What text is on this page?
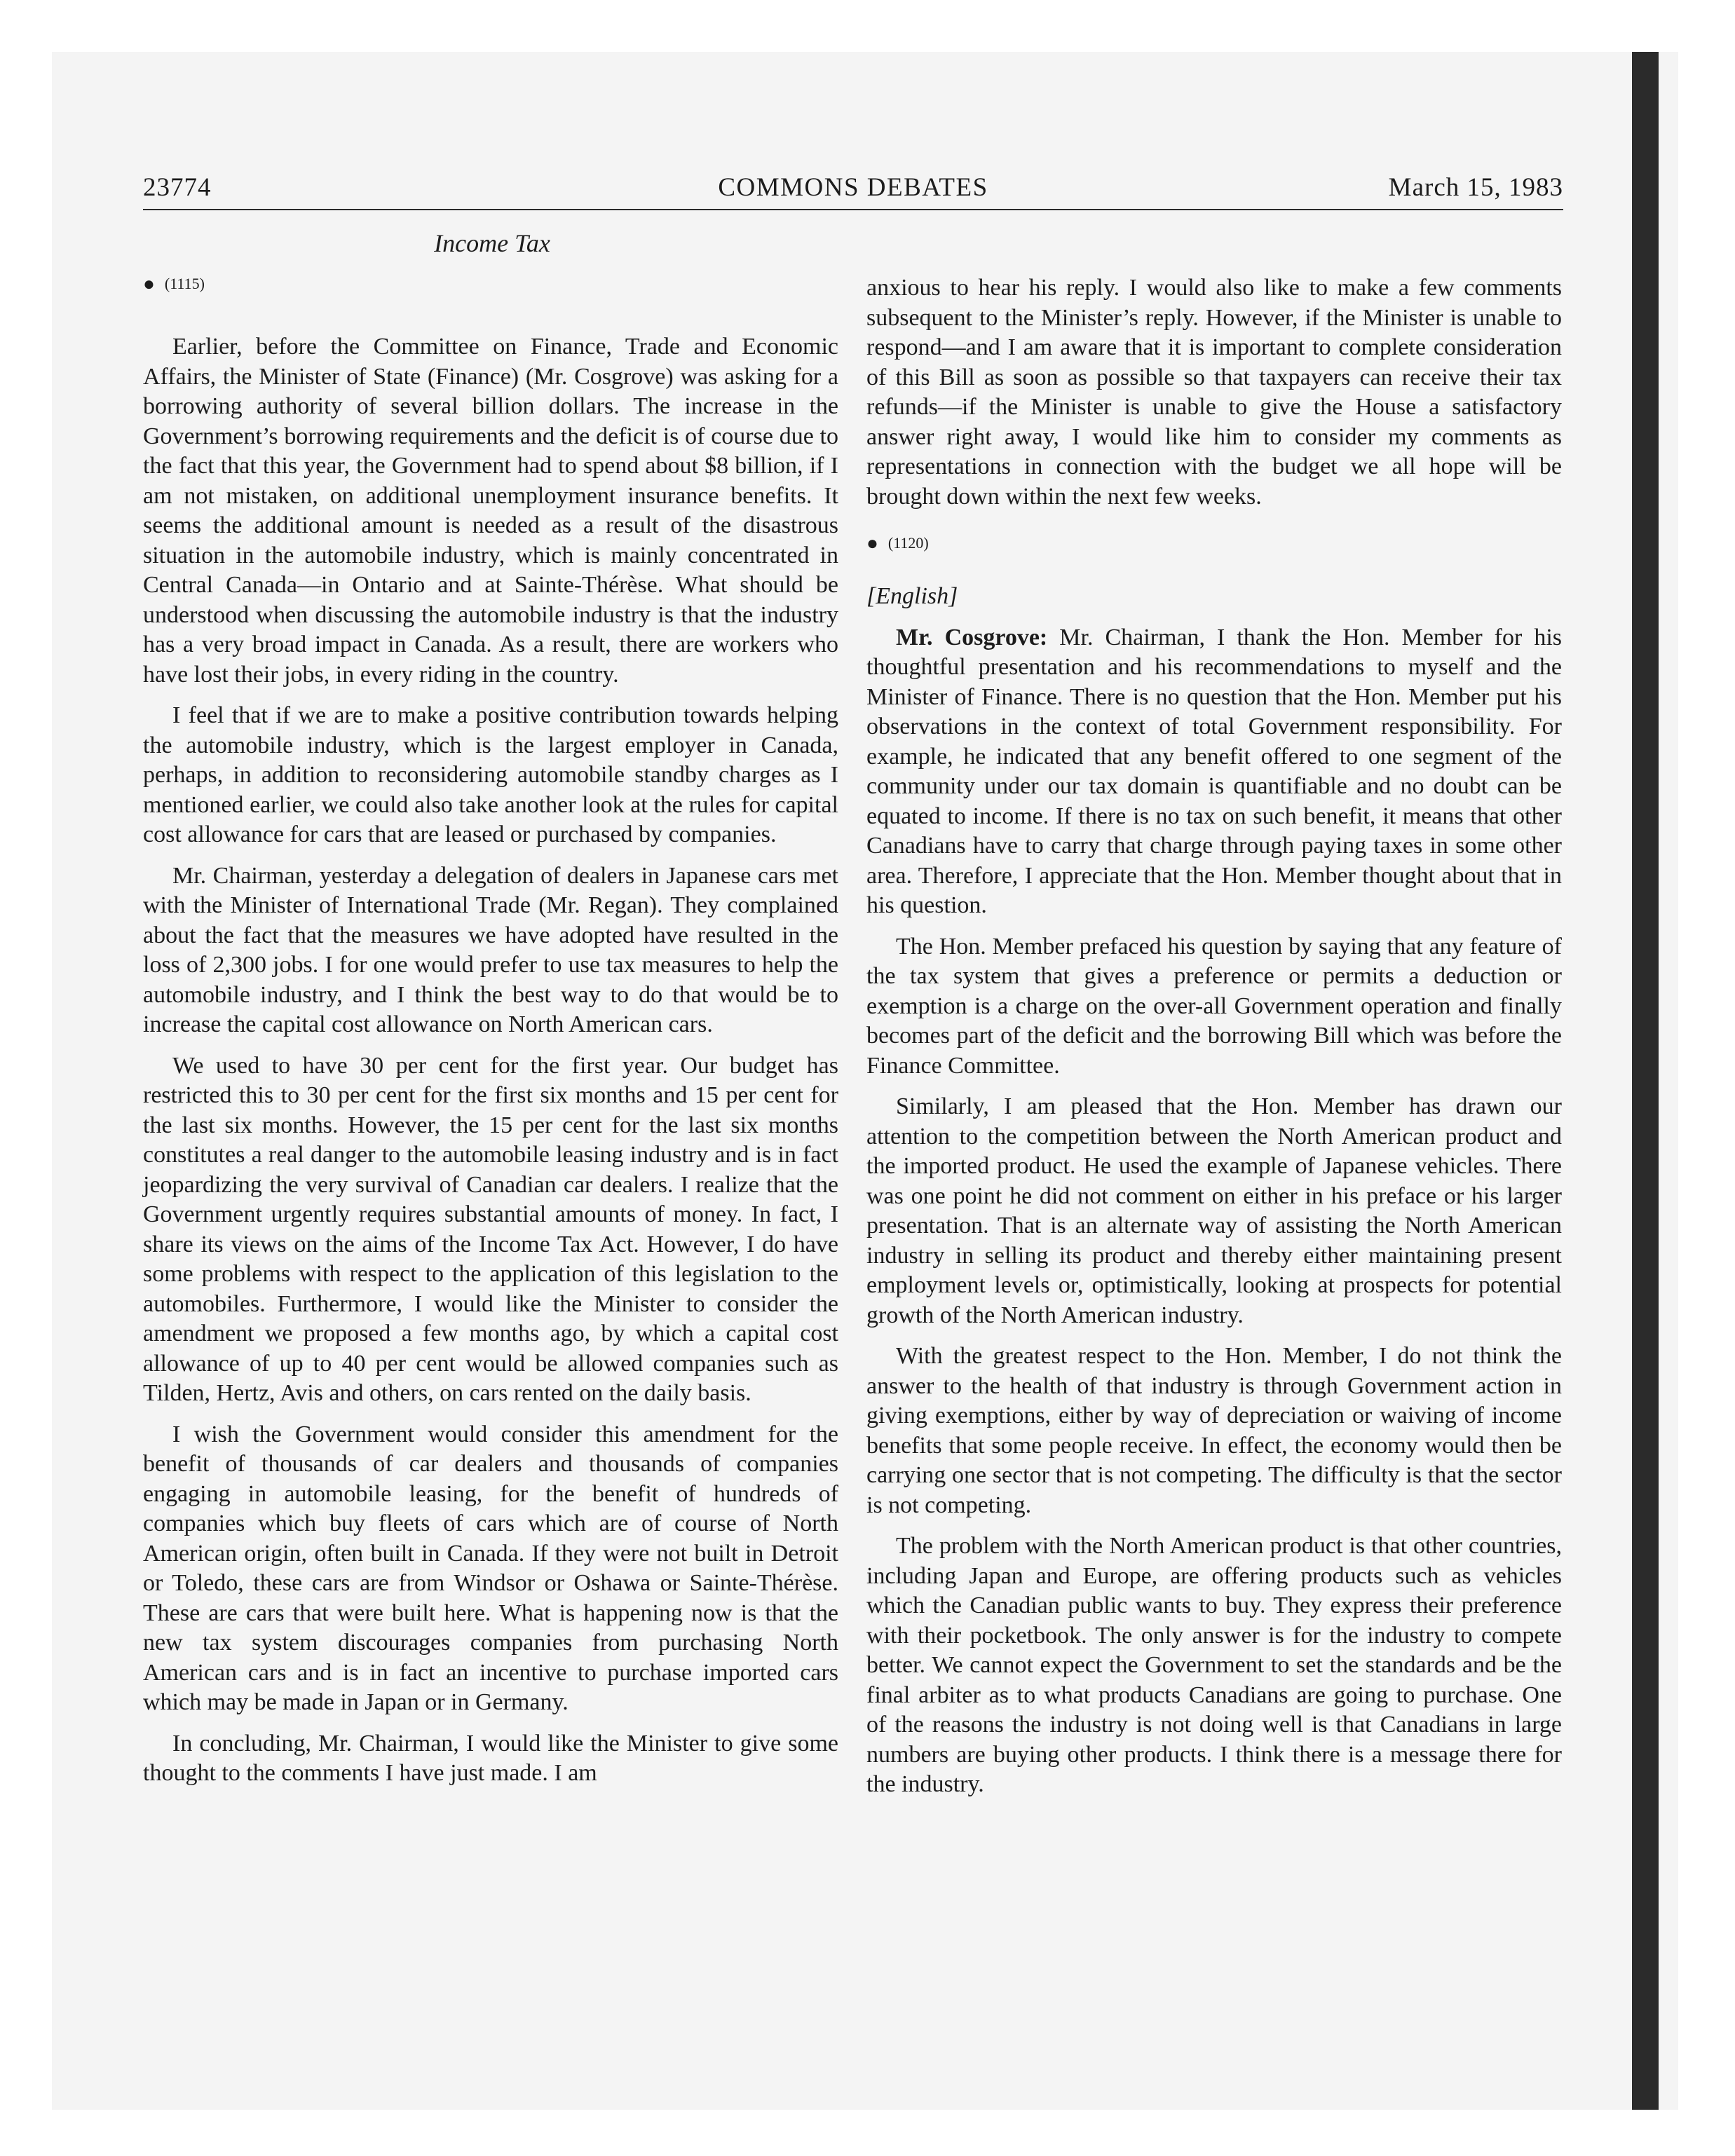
23774	COMMONS DEBATES	March 15, 1983
Income Tax

● (1115)

Earlier, before the Committee on Finance, Trade and Economic Affairs, the Minister of State (Finance) (Mr. Cosgrove) was asking for a borrowing authority of several billion dollars. The increase in the Government’s borrowing requirements and the deficit is of course due to the fact that this year, the Government had to spend about $8 billion, if I am not mistaken, on additional unemployment insurance benefits. It seems the additional amount is needed as a result of the disastrous situation in the automobile industry, which is mainly concentrated in Central Canada—in Ontario and at Sainte-Thérèse. What should be understood when discussing the automobile industry is that the industry has a very broad impact in Canada. As a result, there are workers who have lost their jobs, in every riding in the country.

I feel that if we are to make a positive contribution towards helping the automobile industry, which is the largest employer in Canada, perhaps, in addition to reconsidering automobile standby charges as I mentioned earlier, we could also take another look at the rules for capital cost allowance for cars that are leased or purchased by companies.

Mr. Chairman, yesterday a delegation of dealers in Japanese cars met with the Minister of International Trade (Mr. Regan). They complained about the fact that the measures we have adopted have resulted in the loss of 2,300 jobs. I for one would prefer to use tax measures to help the automobile industry, and I think the best way to do that would be to increase the capital cost allowance on North American cars.

We used to have 30 per cent for the first year. Our budget has restricted this to 30 per cent for the first six months and 15 per cent for the last six months. However, the 15 per cent for the last six months constitutes a real danger to the automobile leasing industry and is in fact jeopardizing the very survival of Canadian car dealers. I realize that the Government urgently requires substantial amounts of money. In fact, I share its views on the aims of the Income Tax Act. However, I do have some problems with respect to the application of this legislation to the automobiles. Furthermore, I would like the Minister to consider the amendment we proposed a few months ago, by which a capital cost allowance of up to 40 per cent would be allowed companies such as Tilden, Hertz, Avis and others, on cars rented on the daily basis.

I wish the Government would consider this amendment for the benefit of thousands of car dealers and thousands of companies engaging in automobile leasing, for the benefit of hundreds of companies which buy fleets of cars which are of course of North American origin, often built in Canada. If they were not built in Detroit or Toledo, these cars are from Windsor or Oshawa or Sainte-Thérèse. These are cars that were built here. What is happening now is that the new tax system discourages companies from purchasing North American cars and is in fact an incentive to purchase imported cars which may be made in Japan or in Germany.

In concluding, Mr. Chairman, I would like the Minister to give some thought to the comments I have just made. I am

anxious to hear his reply. I would also like to make a few comments subsequent to the Minister’s reply. However, if the Minister is unable to respond—and I am aware that it is important to complete consideration of this Bill as soon as possible so that taxpayers can receive their tax refunds—if the Minister is unable to give the House a satisfactory answer right away, I would like him to consider my comments as representations in connection with the budget we all hope will be brought down within the next few weeks.

● (1120)

[English]

Mr. Cosgrove: Mr. Chairman, I thank the Hon. Member for his thoughtful presentation and his recommendations to myself and the Minister of Finance. There is no question that the Hon. Member put his observations in the context of total Government responsibility. For example, he indicated that any benefit offered to one segment of the community under our tax domain is quantifiable and no doubt can be equated to income. If there is no tax on such benefit, it means that other Canadians have to carry that charge through paying taxes in some other area. Therefore, I appreciate that the Hon. Member thought about that in his question.

The Hon. Member prefaced his question by saying that any feature of the tax system that gives a preference or permits a deduction or exemption is a charge on the over-all Government operation and finally becomes part of the deficit and the borrowing Bill which was before the Finance Committee.

Similarly, I am pleased that the Hon. Member has drawn our attention to the competition between the North American product and the imported product. He used the example of Japanese vehicles. There was one point he did not comment on either in his preface or his larger presentation. That is an alternate way of assisting the North American industry in selling its product and thereby either maintaining present employment levels or, optimistically, looking at prospects for potential growth of the North American industry.

With the greatest respect to the Hon. Member, I do not think the answer to the health of that industry is through Government action in giving exemptions, either by way of depreciation or waiving of income benefits that some people receive. In effect, the economy would then be carrying one sector that is not competing. The difficulty is that the sector is not competing.

The problem with the North American product is that other countries, including Japan and Europe, are offering products such as vehicles which the Canadian public wants to buy. They express their preference with their pocketbook. The only answer is for the industry to compete better. We cannot expect the Government to set the standards and be the final arbiter as to what products Canadians are going to purchase. One of the reasons the industry is not doing well is that Canadians in large numbers are buying other products. I think there is a message there for the industry.
